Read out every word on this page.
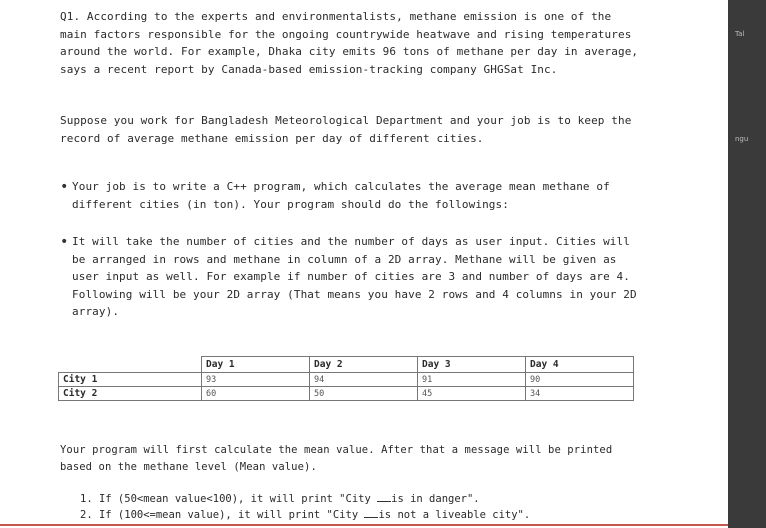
Q1. According to the experts and environmentalists, methane emission is one of the main factors responsible for the ongoing countrywide heatwave and rising temperatures around the world. For example, Dhaka city emits 96 tons of methane per day in average, says a recent report by Canada-based emission-tracking company GHGSat Inc.
Suppose you work for Bangladesh Meteorological Department and your job is to keep the record of average methane emission per day of different cities.
• Your job is to write a C++ program, which calculates the average mean methane of different cities (in ton). Your program should do the followings:
• It will take the number of cities and the number of days as user input. Cities will be arranged in rows and methane in column of a 2D array. Methane will be given as user input as well. For example if number of cities are 3 and number of days are 4. Following will be your 2D array (That means you have 2 rows and 4 columns in your 2D array).
	Day 1	Day 2	Day 3	Day 4
City 1	93	94	91	90
City 2	60	50	45	34
Your program will first calculate the mean value. After that a message will be printed based on the methane level (Mean value).
1. If (50<mean value<100), it will print "City is in danger".
2. If (100<=mean value), it will print "City is not a liveable city".
Tal
ngu
